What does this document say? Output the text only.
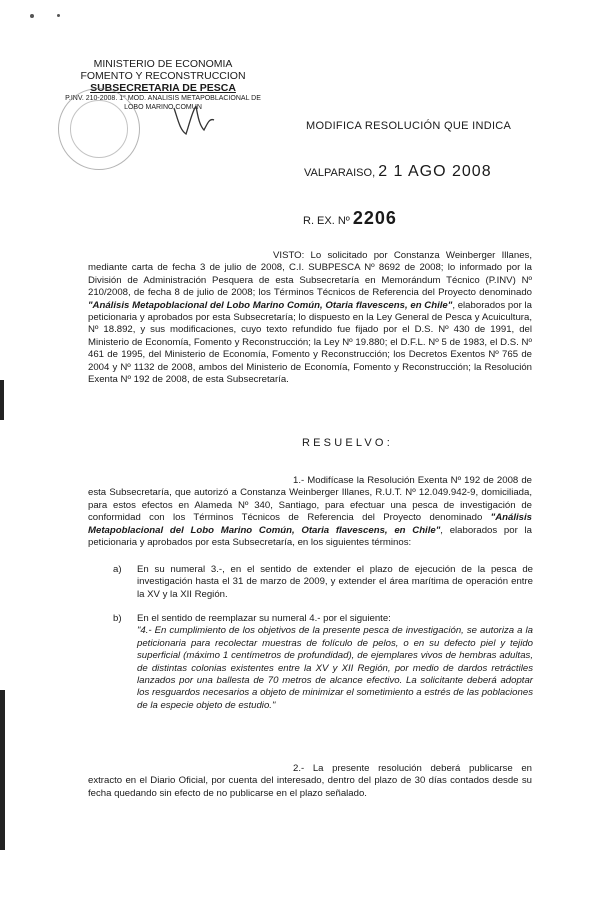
MINISTERIO DE ECONOMIA
FOMENTO Y RECONSTRUCCION
SUBSECRETARIA DE PESCA
P.INV. 210-2008. 1° MOD. ANALISIS METAPOBLACIONAL DE
LOBO MARINO COMUN
MODIFICA RESOLUCIÓN QUE INDICA
VALPARAISO, 2 1 AGO 2008
R. EX. Nº 2206
VISTO: Lo solicitado por Constanza Weinberger Illanes, mediante carta de fecha 3 de julio de 2008, C.I. SUBPESCA Nº 8692 de 2008; lo informado por la División de Administración Pesquera de esta Subsecretaría en Memorándum Técnico (P.INV) Nº 210/2008, de fecha 8 de julio de 2008; los Términos Técnicos de Referencia del Proyecto denominado "Análisis Metapoblacional del Lobo Marino Común, Otaria flavescens, en Chile", elaborados por la peticionaria y aprobados por esta Subsecretaría; lo dispuesto en la Ley General de Pesca y Acuicultura, Nº 18.892, y sus modificaciones, cuyo texto refundido fue fijado por el D.S. Nº 430 de 1991, del Ministerio de Economía, Fomento y Reconstrucción; la Ley Nº 19.880; el D.F.L. Nº 5 de 1983, el D.S. Nº 461 de 1995, del Ministerio de Economía, Fomento y Reconstrucción; los Decretos Exentos Nº 765 de 2004 y Nº 1132 de 2008, ambos del Ministerio de Economía, Fomento y Reconstrucción; la Resolución Exenta Nº 192 de 2008, de esta Subsecretaría.
RESUELVO:
1.- Modifícase la Resolución Exenta Nº 192 de 2008 de esta Subsecretaría, que autorizó a Constanza Weinberger Illanes, R.U.T. Nº 12.049.942-9, domiciliada, para estos efectos en Alameda Nº 340, Santiago, para efectuar una pesca de investigación de conformidad con los Términos Técnicos de Referencia del Proyecto denominado "Análisis Metapoblacional del Lobo Marino Común, Otaria flavescens, en Chile", elaborados por la peticionaria y aprobados por esta Subsecretaría, en los siguientes términos:
a) En su numeral 3.-, en el sentido de extender el plazo de ejecución de la pesca de investigación hasta el 31 de marzo de 2009, y extender el área marítima de operación entre la XV y la XII Región.
b) En el sentido de reemplazar su numeral 4.- por el siguiente:
"4.- En cumplimiento de los objetivos de la presente pesca de investigación, se autoriza a la peticionaria para recolectar muestras de folículo de pelos, o en su defecto piel y tejido superficial (máximo 1 centímetros de profundidad), de ejemplares vivos de hembras adultas, de distintas colonias existentes entre la XV y XII Región, por medio de dardos retráctiles lanzados por una ballesta de 70 metros de alcance efectivo. La solicitante deberá adoptar los resguardos necesarios a objeto de minimizar el sometimiento a estrés de las poblaciones de la especie objeto de estudio."
2.- La presente resolución deberá publicarse en extracto en el Diario Oficial, por cuenta del interesado, dentro del plazo de 30 días contados desde su fecha quedando sin efecto de no publicarse en el plazo señalado.
